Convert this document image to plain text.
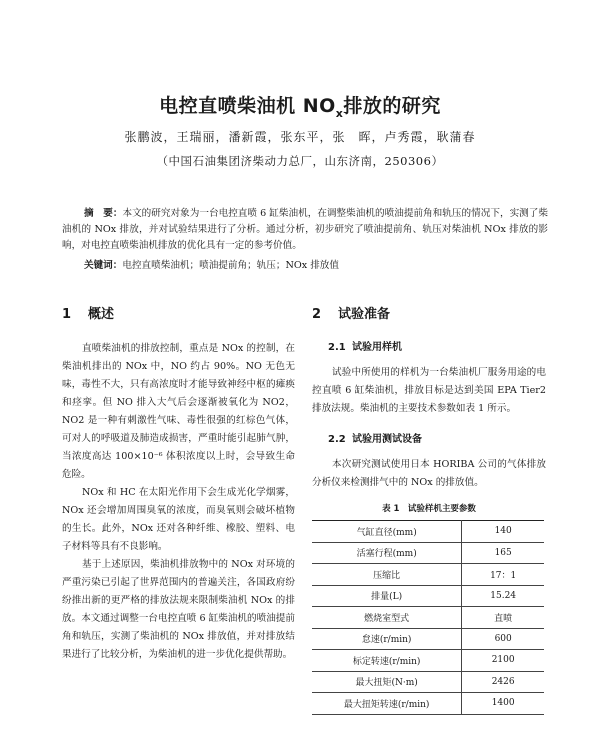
电控直喷柴油机 $NO_x$排放的研究
张鹏波，王瑞丽，潘新霞，张东平，张　晖，卢秀霞，耿蒲春
（中国石油集团济柴动力总厂，山东济南，250306）
摘　要：本文的研究对象为一台电控直喷 6 缸柴油机，在调整柴油机的喷油提前角和轨压的情况下，实测了柴油机的 NOx 排放，并对试验结果进行了分析。通过分析，初步研究了喷油提前角、轨压对柴油机 NOx 排放的影响，对电控直喷柴油机排放的优化具有一定的参考价值。
关键词：电控直喷柴油机；喷油提前角；轨压；NOx 排放值
1 概述

直喷柴油机的排放控制，重点是 NOx 的控制，在柴油机排出的 NOx 中，NO 约占 90%。NO 无色无味，毒性不大，只有高浓度时才能导致神经中枢的瘫痪和痉挛。但 NO 排入大气后会逐渐被氧化为 NO2，NO2 是一种有刺激性气味、毒性很强的红棕色气体，可对人的呼吸道及肺造成损害，严重时能引起肺气肿，当浓度高达 100×10⁻⁶ 体积浓度以上时，会导致生命危险。

NOx 和 HC 在太阳光作用下会生成光化学烟雾，NOx 还会增加周围臭氧的浓度，而臭氧则会破坏植物的生长。此外，NOx 还对各种纤维、橡胶、塑料、电子材料等具有不良影响。

基于上述原因，柴油机排放物中的 NOx 对环境的严重污染已引起了世界范围内的普遍关注，各国政府纷纷推出新的更严格的排放法规来限制柴油机 NOx 的排放。本文通过调整一台电控直喷 6 缸柴油机的喷油提前角和轨压，实测了柴油机的 NOx 排放值，并对排放结果进行了比较分析，为柴油机的进一步优化提供帮助。

2 试验准备
2.1 试验用样机

试验中所使用的样机为一台柴油机厂服务用途的电控直喷 6 缸柴油机，排放目标是达到美国 EPA Tier2 排放法规。柴油机的主要技术参数如表 1 所示。

2.2 试验用测试设备

本次研究测试使用日本 HORIBA 公司的气体排放分析仪来检测排气中的 NOx 的排放值。

表 1　试验样机主要参数
气缸直径(mm)	140
活塞行程(mm)	165
压缩比	17：1
排量(L)	15.24
燃烧室型式	直喷
怠速(r/min)	600
标定转速(r/min)	2100
最大扭矩(N·m)	2426
最大扭矩转速(r/min)	1400
